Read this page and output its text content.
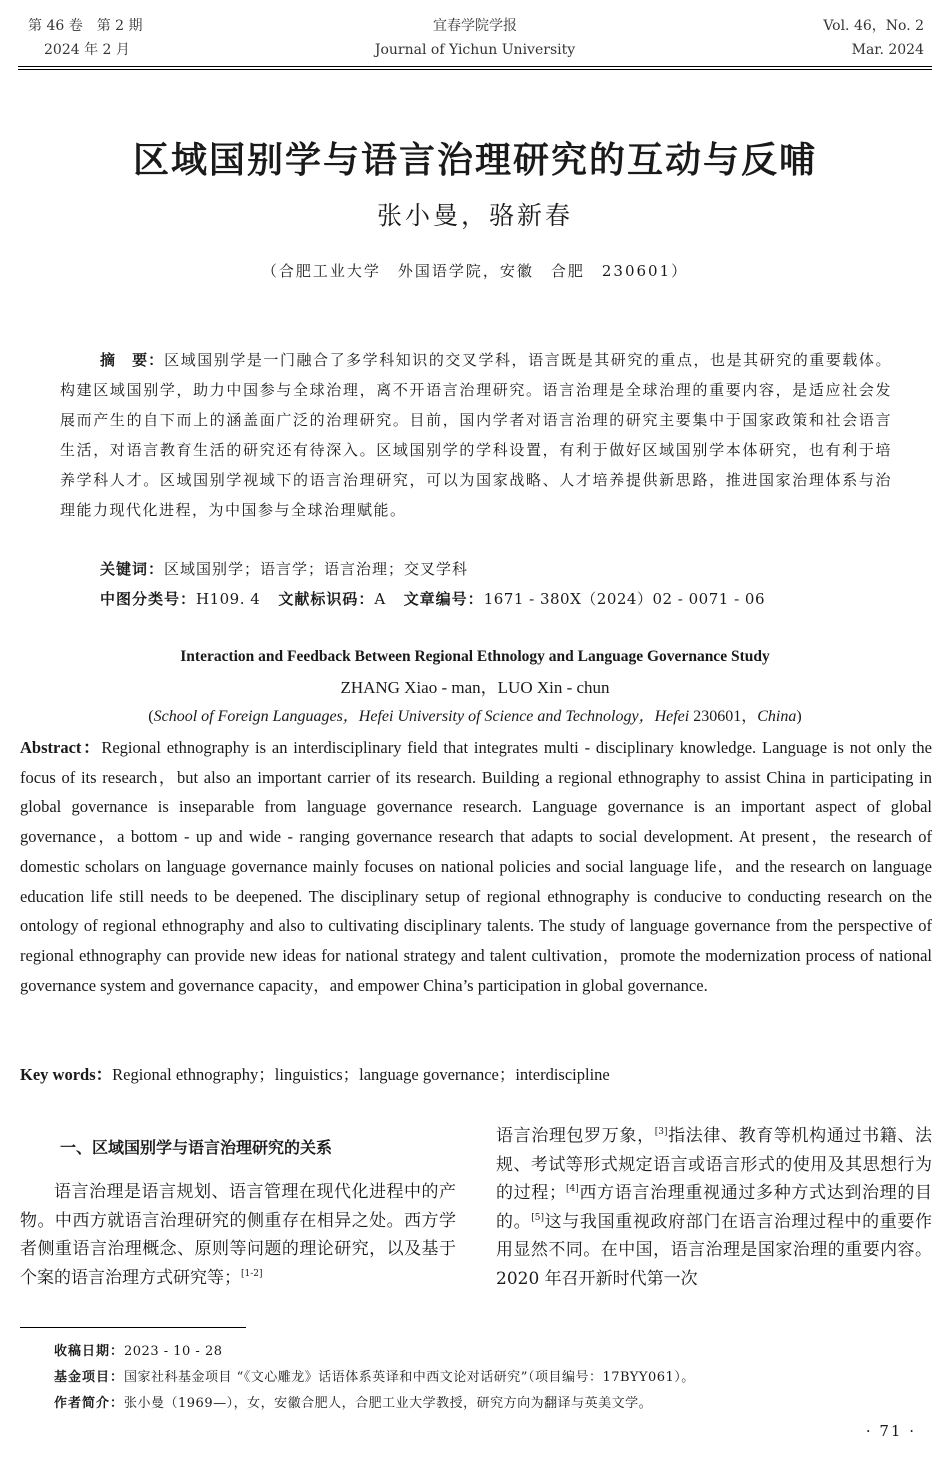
第 46 卷　第 2 期
2024 年 2 月
宜春学院学报
Journal of Yichun University
Vol. 46，No. 2
Mar. 2024
区域国别学与语言治理研究的互动与反哺
张小曼，骆新春
（合肥工业大学　外国语学院，安徽　合肥　230601）
摘　要：区域国别学是一门融合了多学科知识的交叉学科，语言既是其研究的重点，也是其研究的重要载体。构建区域国别学，助力中国参与全球治理，离不开语言治理研究。语言治理是全球治理的重要内容，是适应社会发展而产生的自下而上的涵盖面广泛的治理研究。目前，国内学者对语言治理的研究主要集中于国家政策和社会语言生活，对语言教育生活的研究还有待深入。区域国别学的学科设置，有利于做好区域国别学本体研究，也有利于培养学科人才。区域国别学视域下的语言治理研究，可以为国家战略、人才培养提供新思路，推进国家治理体系与治理能力现代化进程，为中国参与全球治理赋能。
关键词：区域国别学；语言学；语言治理；交叉学科
中图分类号：H109. 4 文献标识码：A 文章编号：1671 - 380X（2024）02 - 0071 - 06
Interaction and Feedback Between Regional Ethnology and Language Governance Study
ZHANG Xiao - man，LUO Xin - chun
(School of Foreign Languages，Hefei University of Science and Technology，Hefei 230601，China)
Abstract：Regional ethnography is an interdisciplinary field that integrates multi - disciplinary knowledge. Language is not only the focus of its research，but also an important carrier of its research. Building a regional ethnography to assist China in participating in global governance is inseparable from language governance research. Language governance is an important aspect of global governance，a bottom - up and wide - ranging governance research that adapts to social development. At present，the research of domestic scholars on language governance mainly focuses on national policies and social language life，and the research on language education life still needs to be deepened. The disciplinary setup of regional ethnography is conducive to conducting research on the ontology of regional ethnography and also to cultivating disciplinary talents. The study of language governance from the perspective of regional ethnography can provide new ideas for national strategy and talent cultivation，promote the modernization process of national governance system and governance capacity，and empower China’s participation in global governance.
Key words：Regional ethnography；linguistics；language governance；interdiscipline
一、区域国别学与语言治理研究的关系

语言治理是语言规划、语言管理在现代化进程中的产物。中西方就语言治理研究的侧重存在相异之处。西方学者侧重语言治理概念、原则等问题的理论研究，以及基于个案的语言治理方式研究等；[1-2]

语言治理包罗万象，[3]指法律、教育等机构通过书籍、法规、考试等形式规定语言或语言形式的使用及其思想行为的过程；[4]西方语言治理重视通过多种方式达到治理的目的。[5]这与我国重视政府部门在语言治理过程中的重要作用显然不同。在中国，语言治理是国家治理的重要内容。2020 年召开新时代第一次

收稿日期：2023 - 10 - 28
基金项目：国家社科基金项目 “《文心雕龙》话语体系英译和中西文论对话研究”（项目编号：17BYY061）。
作者简介：张小曼（1969—），女，安徽合肥人，合肥工业大学教授，研究方向为翻译与英美文学。
· 71 ·
